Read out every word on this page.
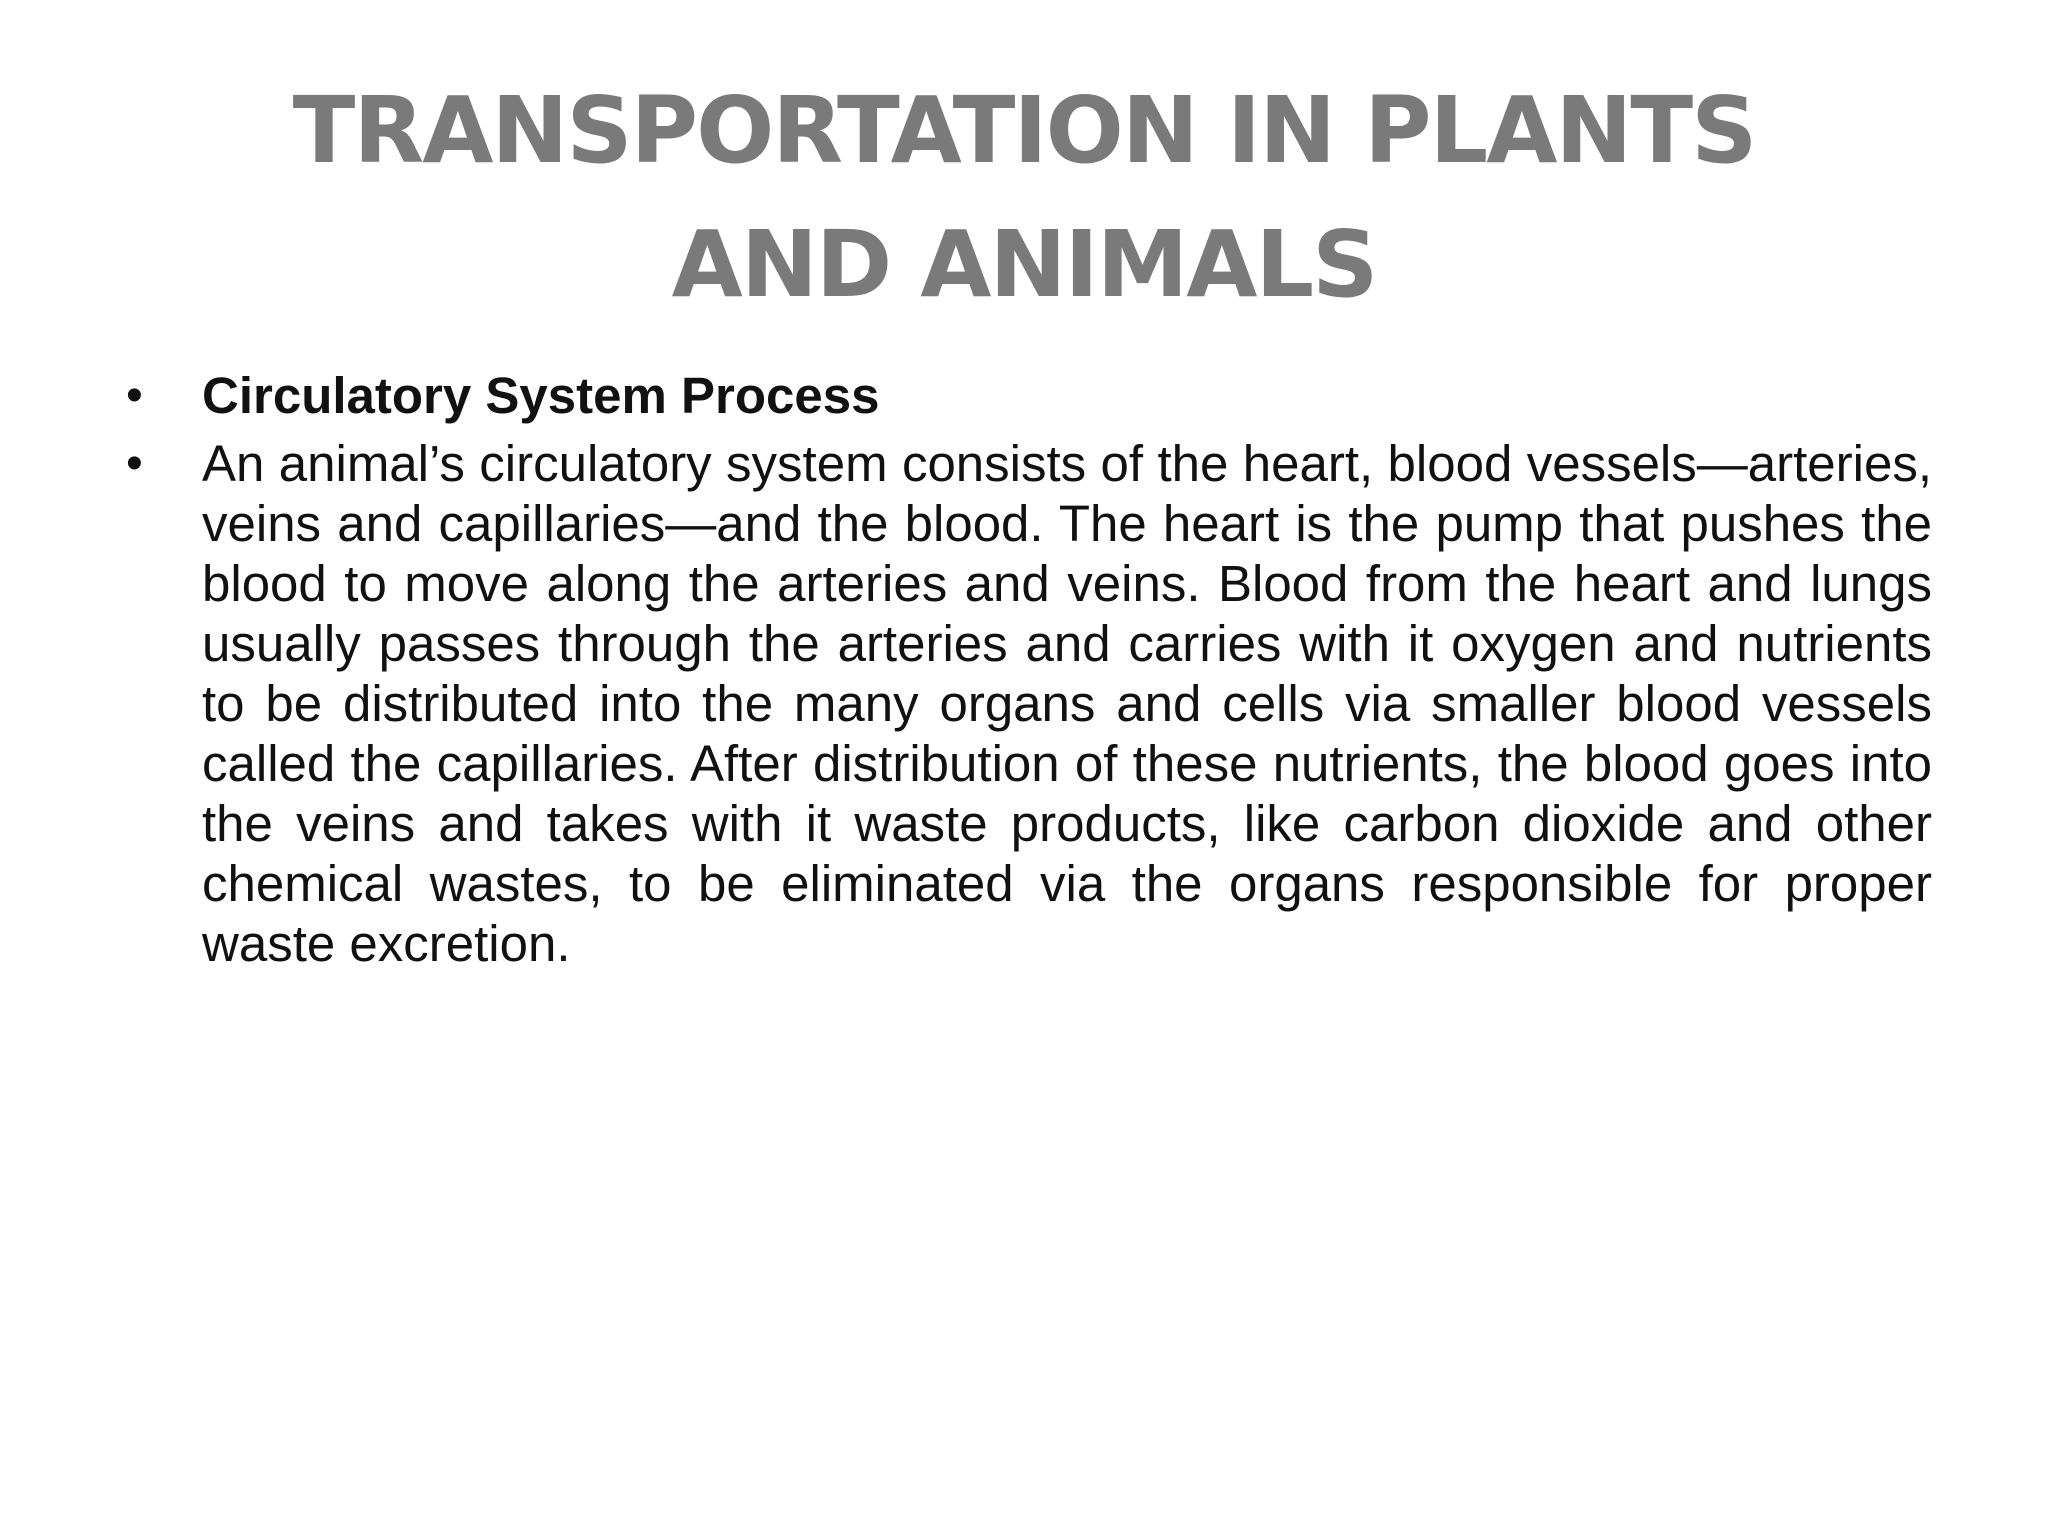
TRANSPORTATION IN PLANTS AND ANIMALS
• Circulatory System Process
• An animal’s circulatory system consists of the heart, blood vessels—arteries, veins and capillaries—and the blood. The heart is the pump that pushes the blood to move along the arteries and veins. Blood from the heart and lungs usually passes through the arteries and carries with it oxygen and nutrients to be distributed into the many organs and cells via smaller blood vessels called the capillaries. After distribution of these nutrients, the blood goes into the veins and takes with it waste products, like carbon dioxide and other chemical wastes, to be eliminated via the organs responsible for proper waste excretion.
